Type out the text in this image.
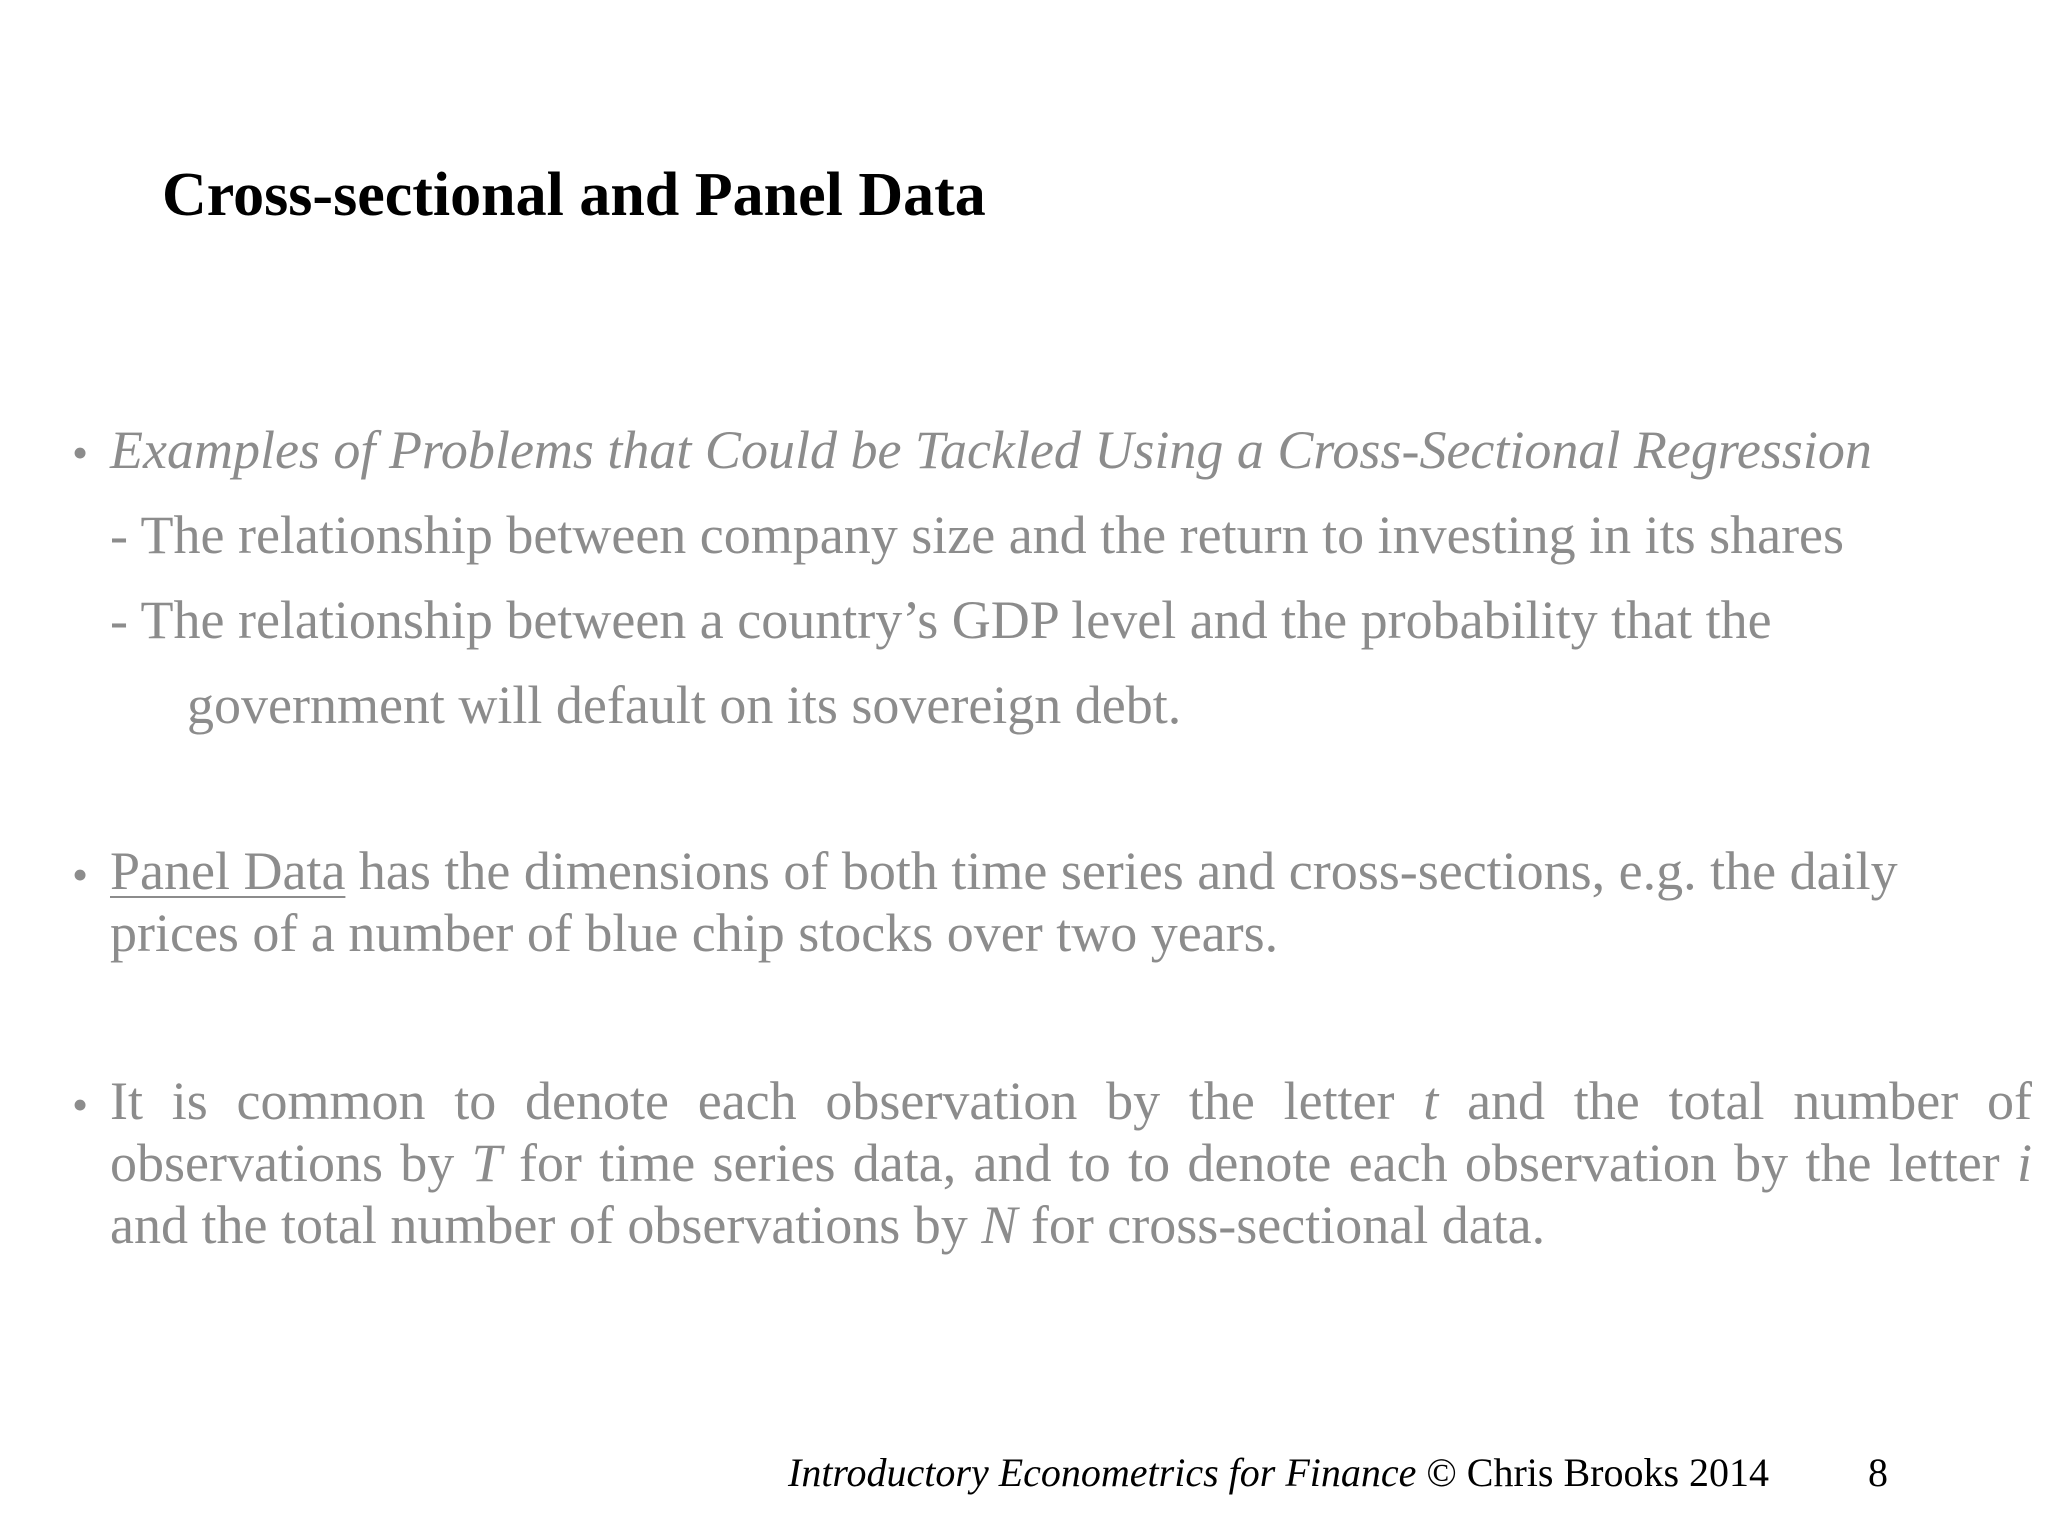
Cross-sectional and Panel Data
• Examples of Problems that Could be Tackled Using a Cross-Sectional Regression
- The relationship between company size and the return to investing in its shares
- The relationship between a country’s GDP level and the probability that the
government will default on its sovereign debt.
• Panel Data has the dimensions of both time series and cross-sections, e.g. the daily prices of a number of blue chip stocks over two years.
• It is common to denote each observation by the letter t and the total number of observations by T for time series data, and to to denote each observation by the letter i and the total number of observations by N for cross-sectional data.
Introductory Econometrics for Finance © Chris Brooks 2014 8
